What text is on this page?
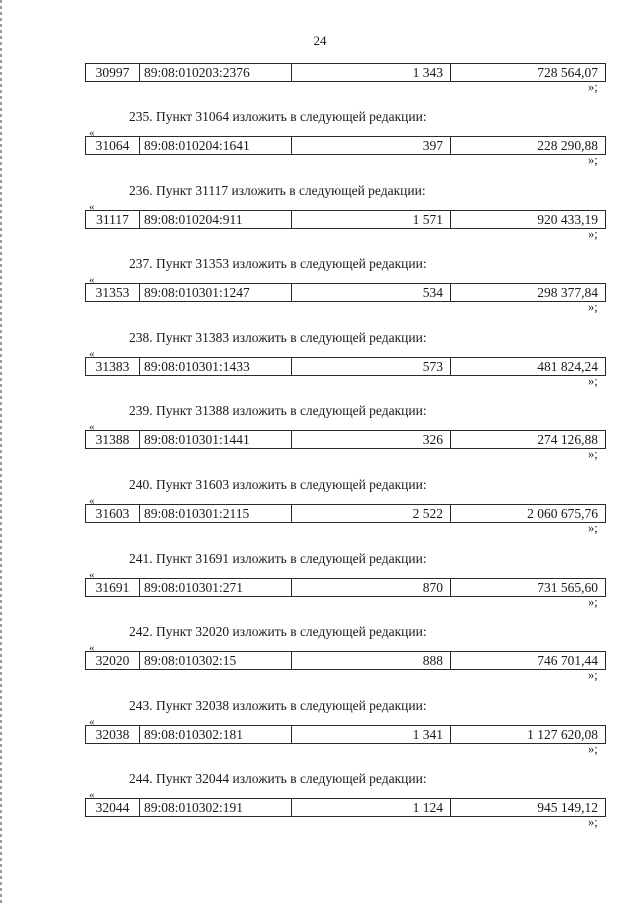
24
30997	89:08:010203:2376	1 343	728 564,07
»;
235. Пункт 31064 изложить в следующей редакции:
«
31064	89:08:010204:1641	397	228 290,88
»;
236. Пункт 31117 изложить в следующей редакции:
«
31117	89:08:010204:911	1 571	920 433,19
»;
237. Пункт 31353 изложить в следующей редакции:
«
31353	89:08:010301:1247	534	298 377,84
»;
238. Пункт 31383 изложить в следующей редакции:
«
31383	89:08:010301:1433	573	481 824,24
»;
239. Пункт 31388 изложить в следующей редакции:
«
31388	89:08:010301:1441	326	274 126,88
»;
240. Пункт 31603 изложить в следующей редакции:
«
31603	89:08:010301:2115	2 522	2 060 675,76
»;
241. Пункт 31691 изложить в следующей редакции:
«
31691	89:08:010301:271	870	731 565,60
»;
242. Пункт 32020 изложить в следующей редакции:
«
32020	89:08:010302:15	888	746 701,44
»;
243. Пункт 32038 изложить в следующей редакции:
«
32038	89:08:010302:181	1 341	1 127 620,08
»;
244. Пункт 32044 изложить в следующей редакции:
«
32044	89:08:010302:191	1 124	945 149,12
»;
